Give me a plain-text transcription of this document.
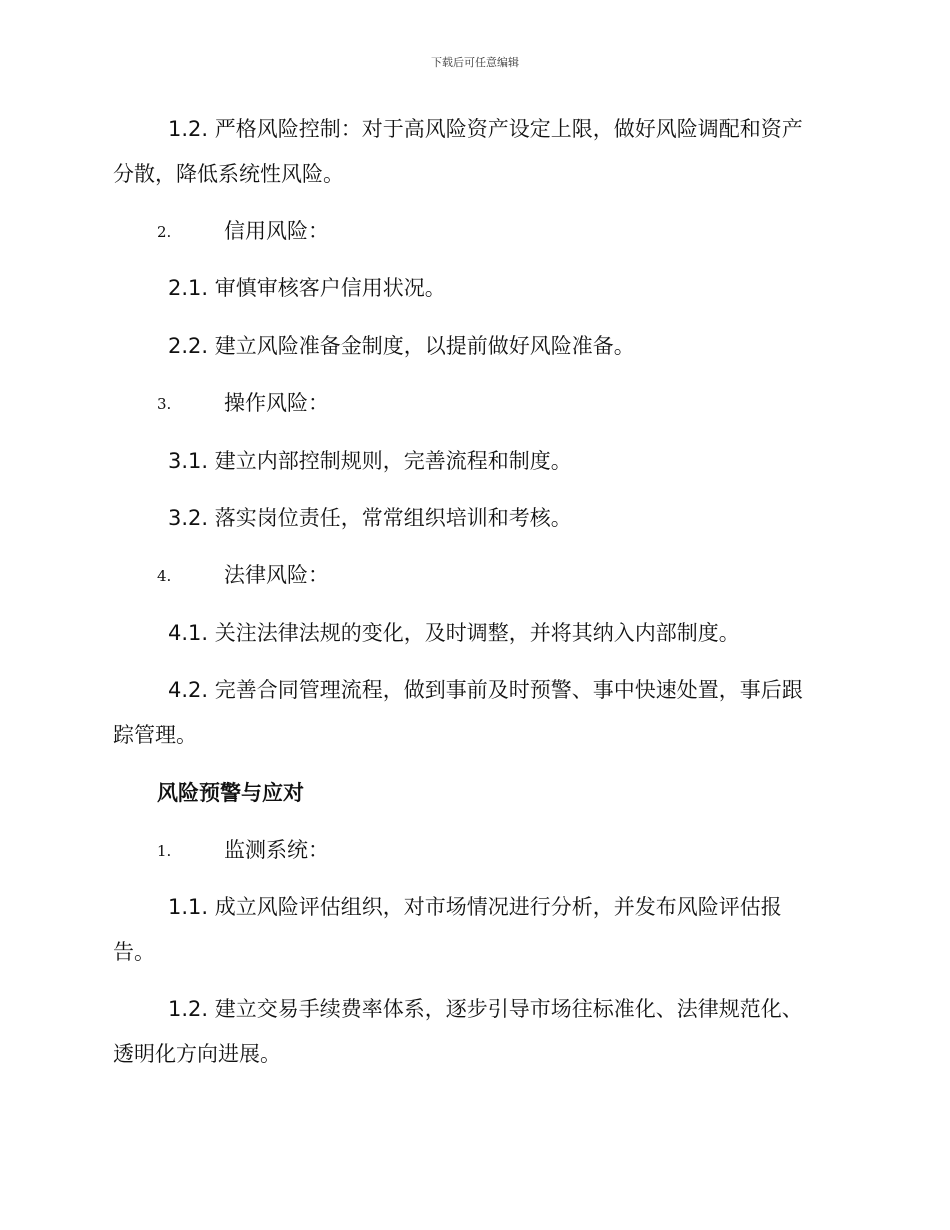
下载后可任意编辑
1.2. 严格风险控制：对于高风险资产设定上限，做好风险调配和资产
分散，降低系统性风险。
2.	信用风险：
2.1. 审慎审核客户信用状况。
2.2. 建立风险准备金制度，以提前做好风险准备。
3.	操作风险：
3.1. 建立内部控制规则，完善流程和制度。
3.2. 落实岗位责任，常常组织培训和考核。
4.	法律风险：
4.1. 关注法律法规的变化，及时调整，并将其纳入内部制度。
4.2. 完善合同管理流程，做到事前及时预警、事中快速处置，事后跟
踪管理。
风险预警与应对
1.	监测系统：
1.1. 成立风险评估组织，对市场情况进行分析，并发布风险评估报
告。
1.2. 建立交易手续费率体系，逐步引导市场往标准化、法律规范化、
透明化方向进展。
